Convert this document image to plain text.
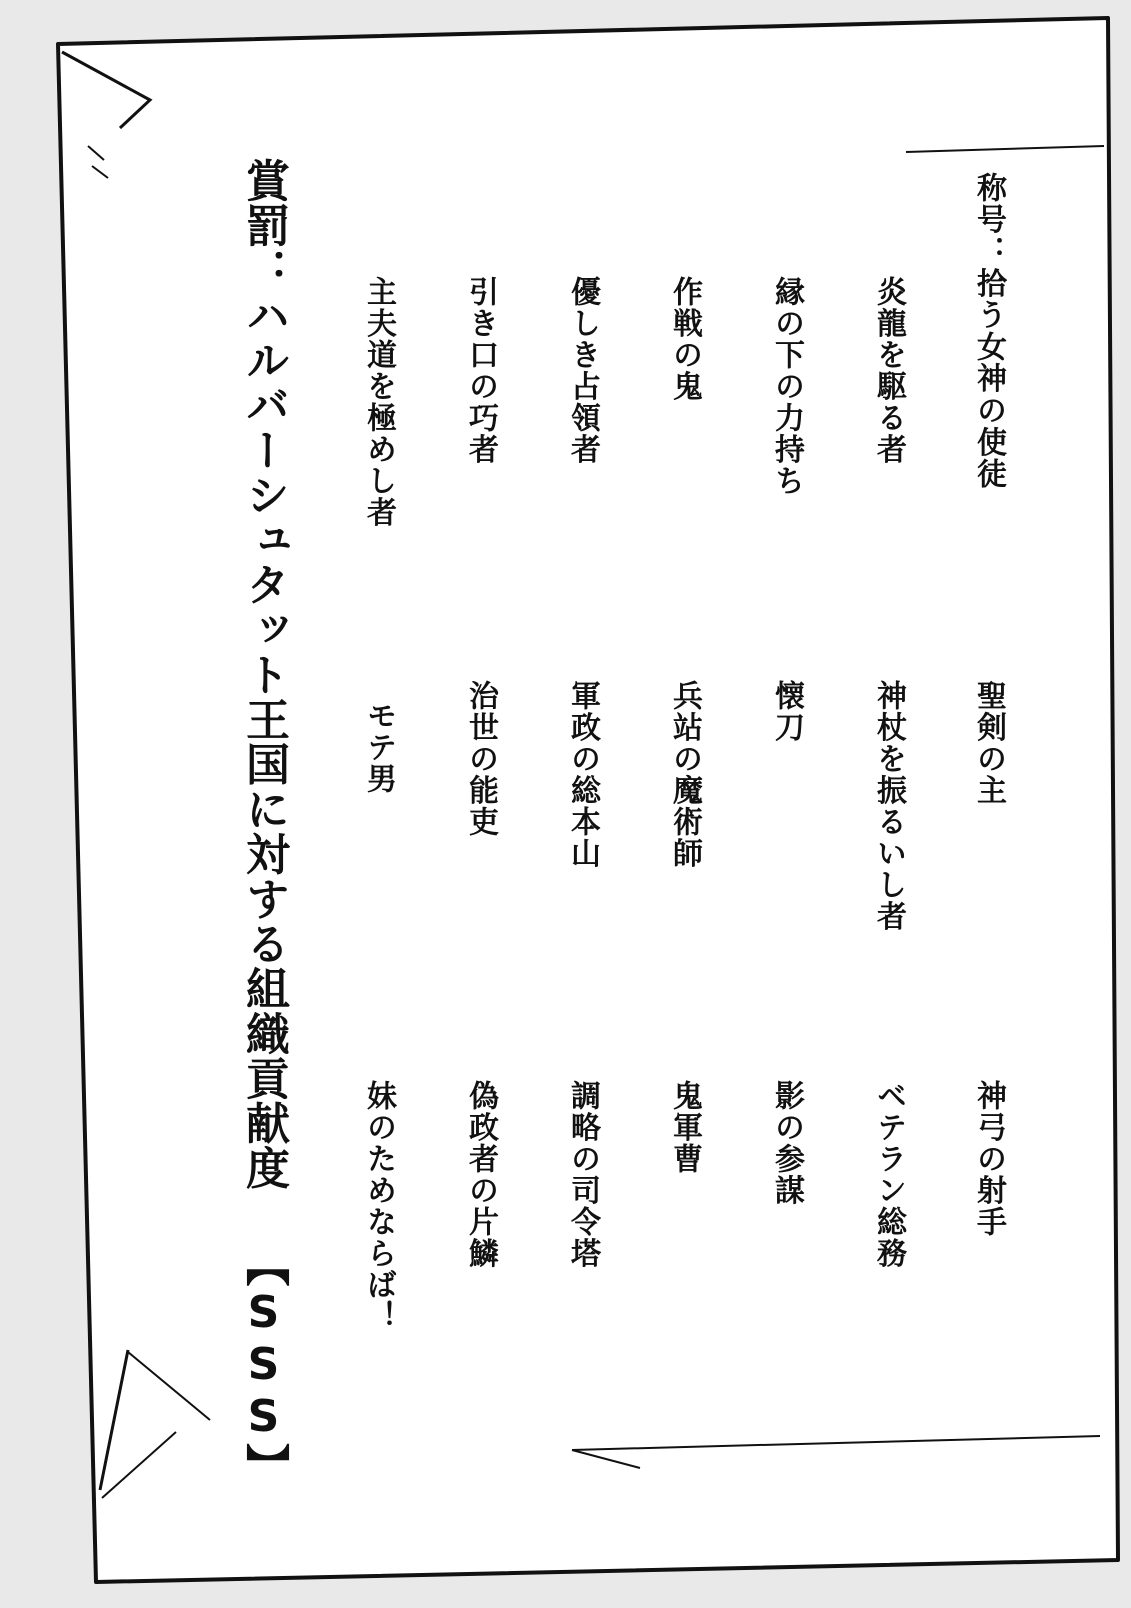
称号：拾う女神の使徒
聖剣の主
神弓の射手
炎龍を駆る者
神杖を振るいし者
ベテラン総務
縁の下の力持ち
懐刀
影の参謀
作戦の鬼
兵站の魔術師
鬼軍曹
優しき占領者
軍政の総本山
調略の司令塔
引き口の巧者
治世の能吏
偽政者の片鱗
主夫道を極めし者
モテ男
妹のためならば！
賞罰：ハルバーシュタット王国に対する組織貢献度 【SSS】
